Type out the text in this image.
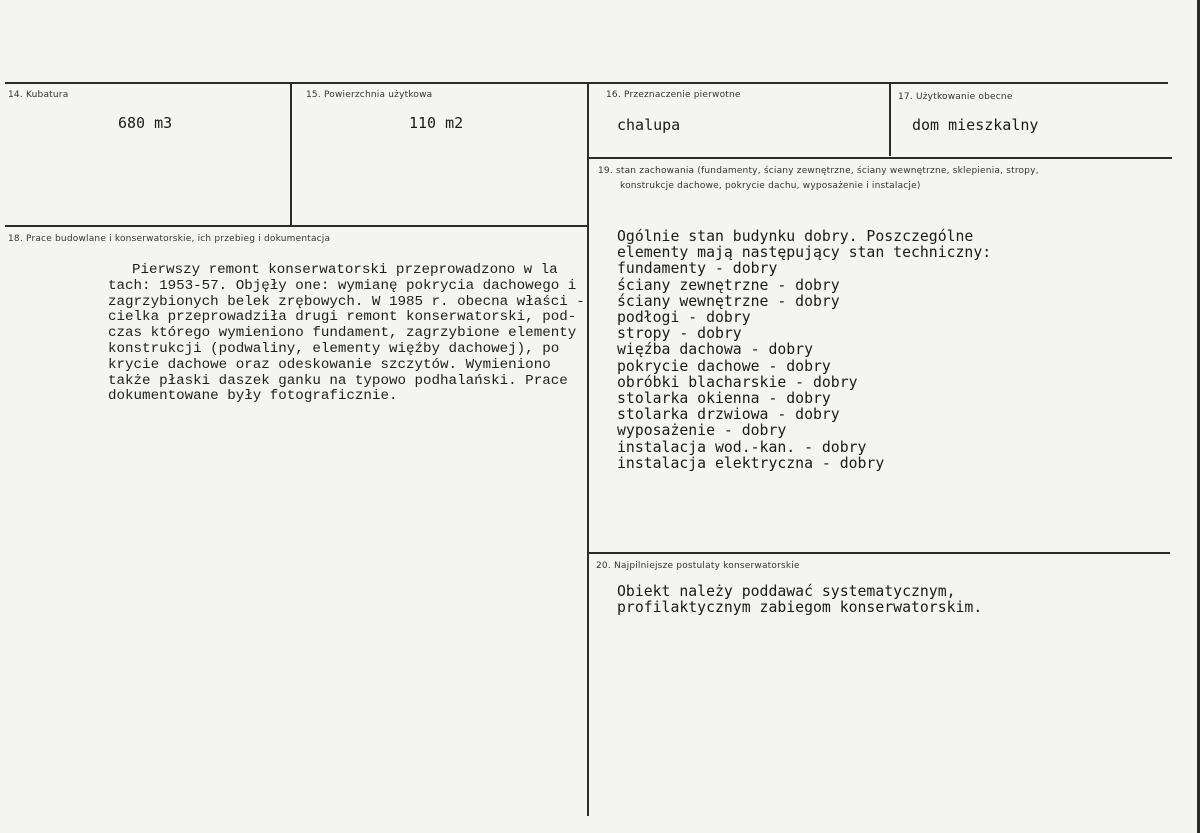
14. Kubatura
680 m3
15. Powierzchnia użytkowa
110 m2
16. Przeznaczenie pierwotne
chalupa
17. Użytkowanie obecne
dom mieszkalny
18. Prace budowlane i konserwatorskie, ich przebieg i dokumentacja
Pierwszy remont konserwatorski przeprowadzono w la
tach: 1953-57. Objęły one: wymianę pokrycia dachowego i
zagrzybionych belek zrębowych. W 1985 r. obecna właści -
cielka przeprowadziła drugi remont konserwatorski, pod-
czas którego wymieniono fundament, zagrzybione elementy
konstrukcji (podwaliny, elementy więźby dachowej), po
krycie dachowe oraz odeskowanie szczytów. Wymieniono
także płaski daszek ganku na typowo podhalański. Prace
dokumentowane były fotograficznie.
19. stan zachowania (fundamenty, ściany zewnętrzne, ściany wewnętrzne, sklepienia, stropy,
konstrukcje dachowe, pokrycie dachu, wyposażenie i instalacje)
Ogólnie stan budynku dobry. Poszczególne
elementy mają następujący stan techniczny:
fundamenty - dobry
ściany zewnętrzne - dobry
ściany wewnętrzne - dobry
podłogi - dobry
stropy - dobry
więźba dachowa - dobry
pokrycie dachowe - dobry
obróbki blacharskie - dobry
stolarka okienna - dobry
stolarka drzwiowa - dobry
wyposażenie - dobry
instalacja wod.-kan. - dobry
instalacja elektryczna - dobry
20. Najpilniejsze postulaty konserwatorskie
Obiekt należy poddawać systematycznym,
profilaktycznym zabiegom konserwatorskim.
